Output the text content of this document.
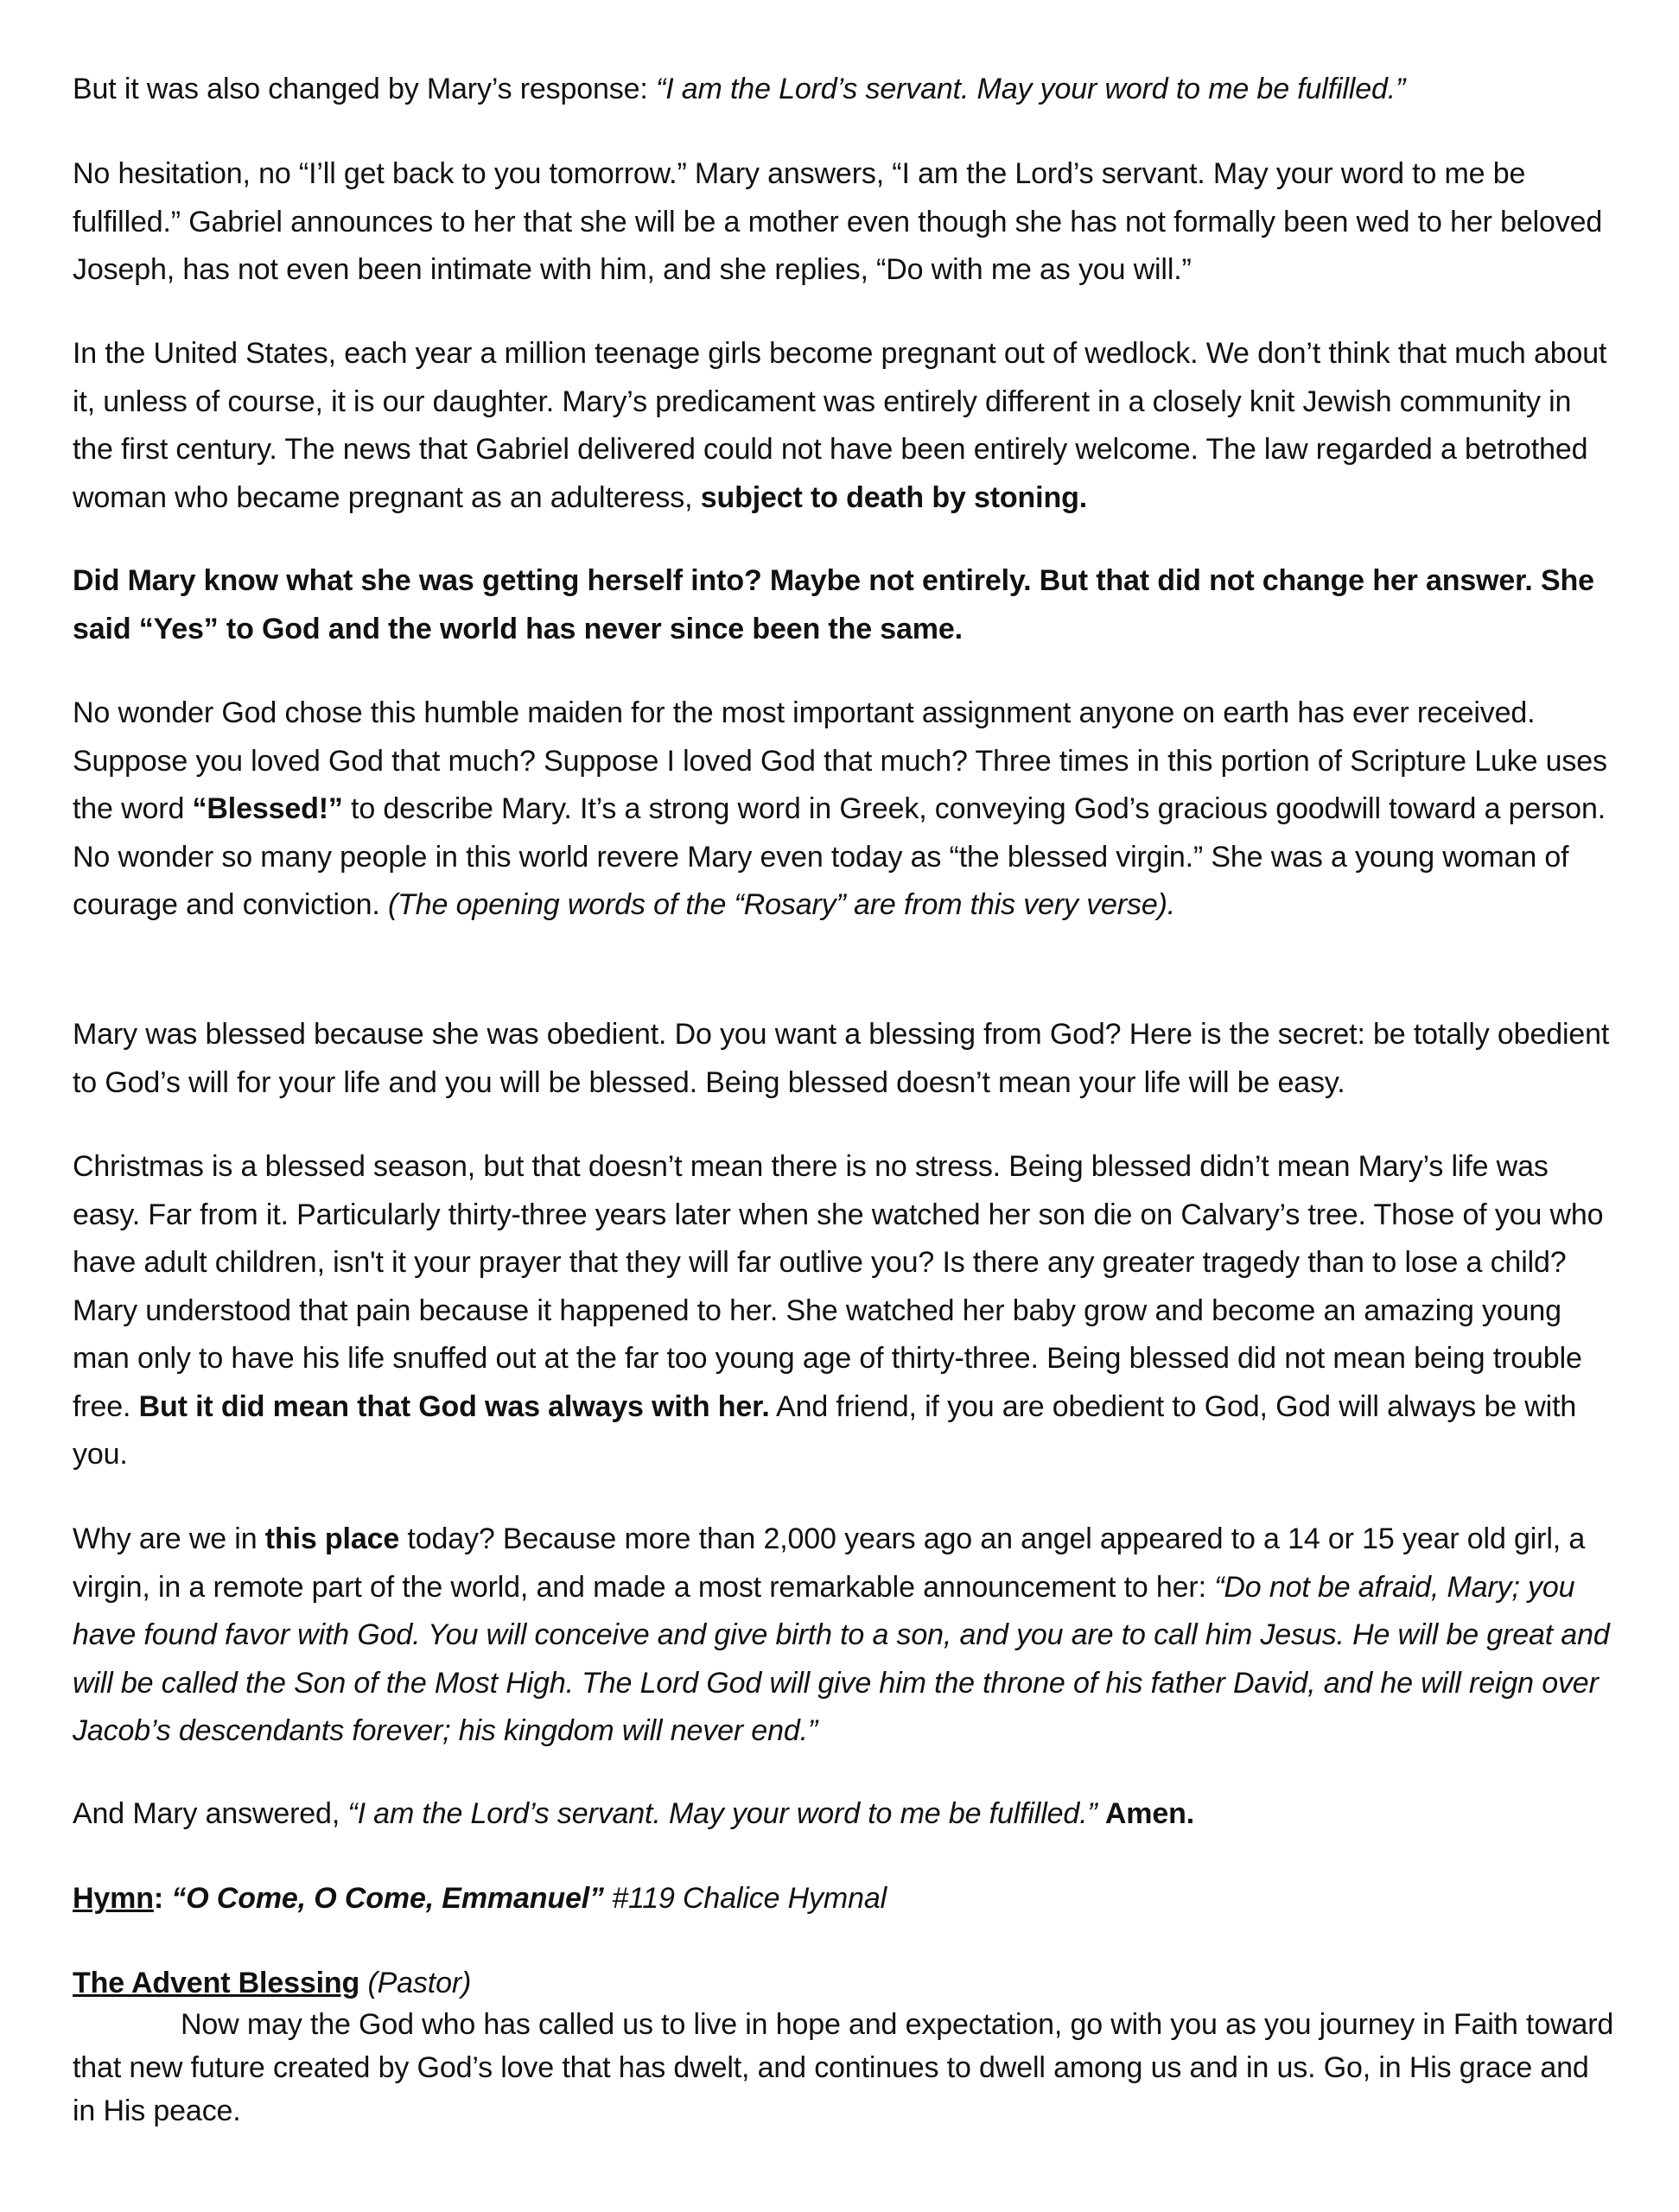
But it was also changed by Mary’s response: “I am the Lord’s servant. May your word to me be fulfilled.”

No hesitation, no “I’ll get back to you tomorrow.” Mary answers, “I am the Lord’s servant. May your word to me be fulfilled.” Gabriel announces to her that she will be a mother even though she has not formally been wed to her beloved Joseph, has not even been intimate with him, and she replies, “Do with me as you will.”

In the United States, each year a million teenage girls become pregnant out of wedlock. We don’t think that much about it, unless of course, it is our daughter. Mary’s predicament was entirely different in a closely knit Jewish community in the first century. The news that Gabriel delivered could not have been entirely welcome. The law regarded a betrothed woman who became pregnant as an adulteress, subject to death by stoning.

Did Mary know what she was getting herself into? Maybe not entirely. But that did not change her answer. She said “Yes” to God and the world has never since been the same.

No wonder God chose this humble maiden for the most important assignment anyone on earth has ever received. Suppose you loved God that much? Suppose I loved God that much? Three times in this portion of Scripture Luke uses the word “Blessed!” to describe Mary. It’s a strong word in Greek, conveying God’s gracious goodwill toward a person. No wonder so many people in this world revere Mary even today as “the blessed virgin.” She was a young woman of courage and conviction. (The opening words of the “Rosary” are from this very verse).

Mary was blessed because she was obedient. Do you want a blessing from God? Here is the secret: be totally obedient to God’s will for your life and you will be blessed. Being blessed doesn’t mean your life will be easy.

Christmas is a blessed season, but that doesn’t mean there is no stress. Being blessed didn’t mean Mary’s life was easy. Far from it. Particularly thirty-three years later when she watched her son die on Calvary’s tree. Those of you who have adult children, isn't it your prayer that they will far outlive you? Is there any greater tragedy than to lose a child? Mary understood that pain because it happened to her. She watched her baby grow and become an amazing young man only to have his life snuffed out at the far too young age of thirty-three. Being blessed did not mean being trouble free. But it did mean that God was always with her. And friend, if you are obedient to God, God will always be with you.

Why are we in this place today? Because more than 2,000 years ago an angel appeared to a 14 or 15 year old girl, a virgin, in a remote part of the world, and made a most remarkable announcement to her: “Do not be afraid, Mary; you have found favor with God. You will conceive and give birth to a son, and you are to call him Jesus. He will be great and will be called the Son of the Most High. The Lord God will give him the throne of his father David, and he will reign over Jacob’s descendants forever; his kingdom will never end.”

And Mary answered, “I am the Lord’s servant. May your word to me be fulfilled.” Amen.

Hymn: “O Come, O Come, Emmanuel” #119 Chalice Hymnal

The Advent Blessing (Pastor)

Now may the God who has called us to live in hope and expectation, go with you as you journey in Faith toward that new future created by God’s love that has dwelt, and continues to dwell among us and in us. Go, in His grace and in His peace.
